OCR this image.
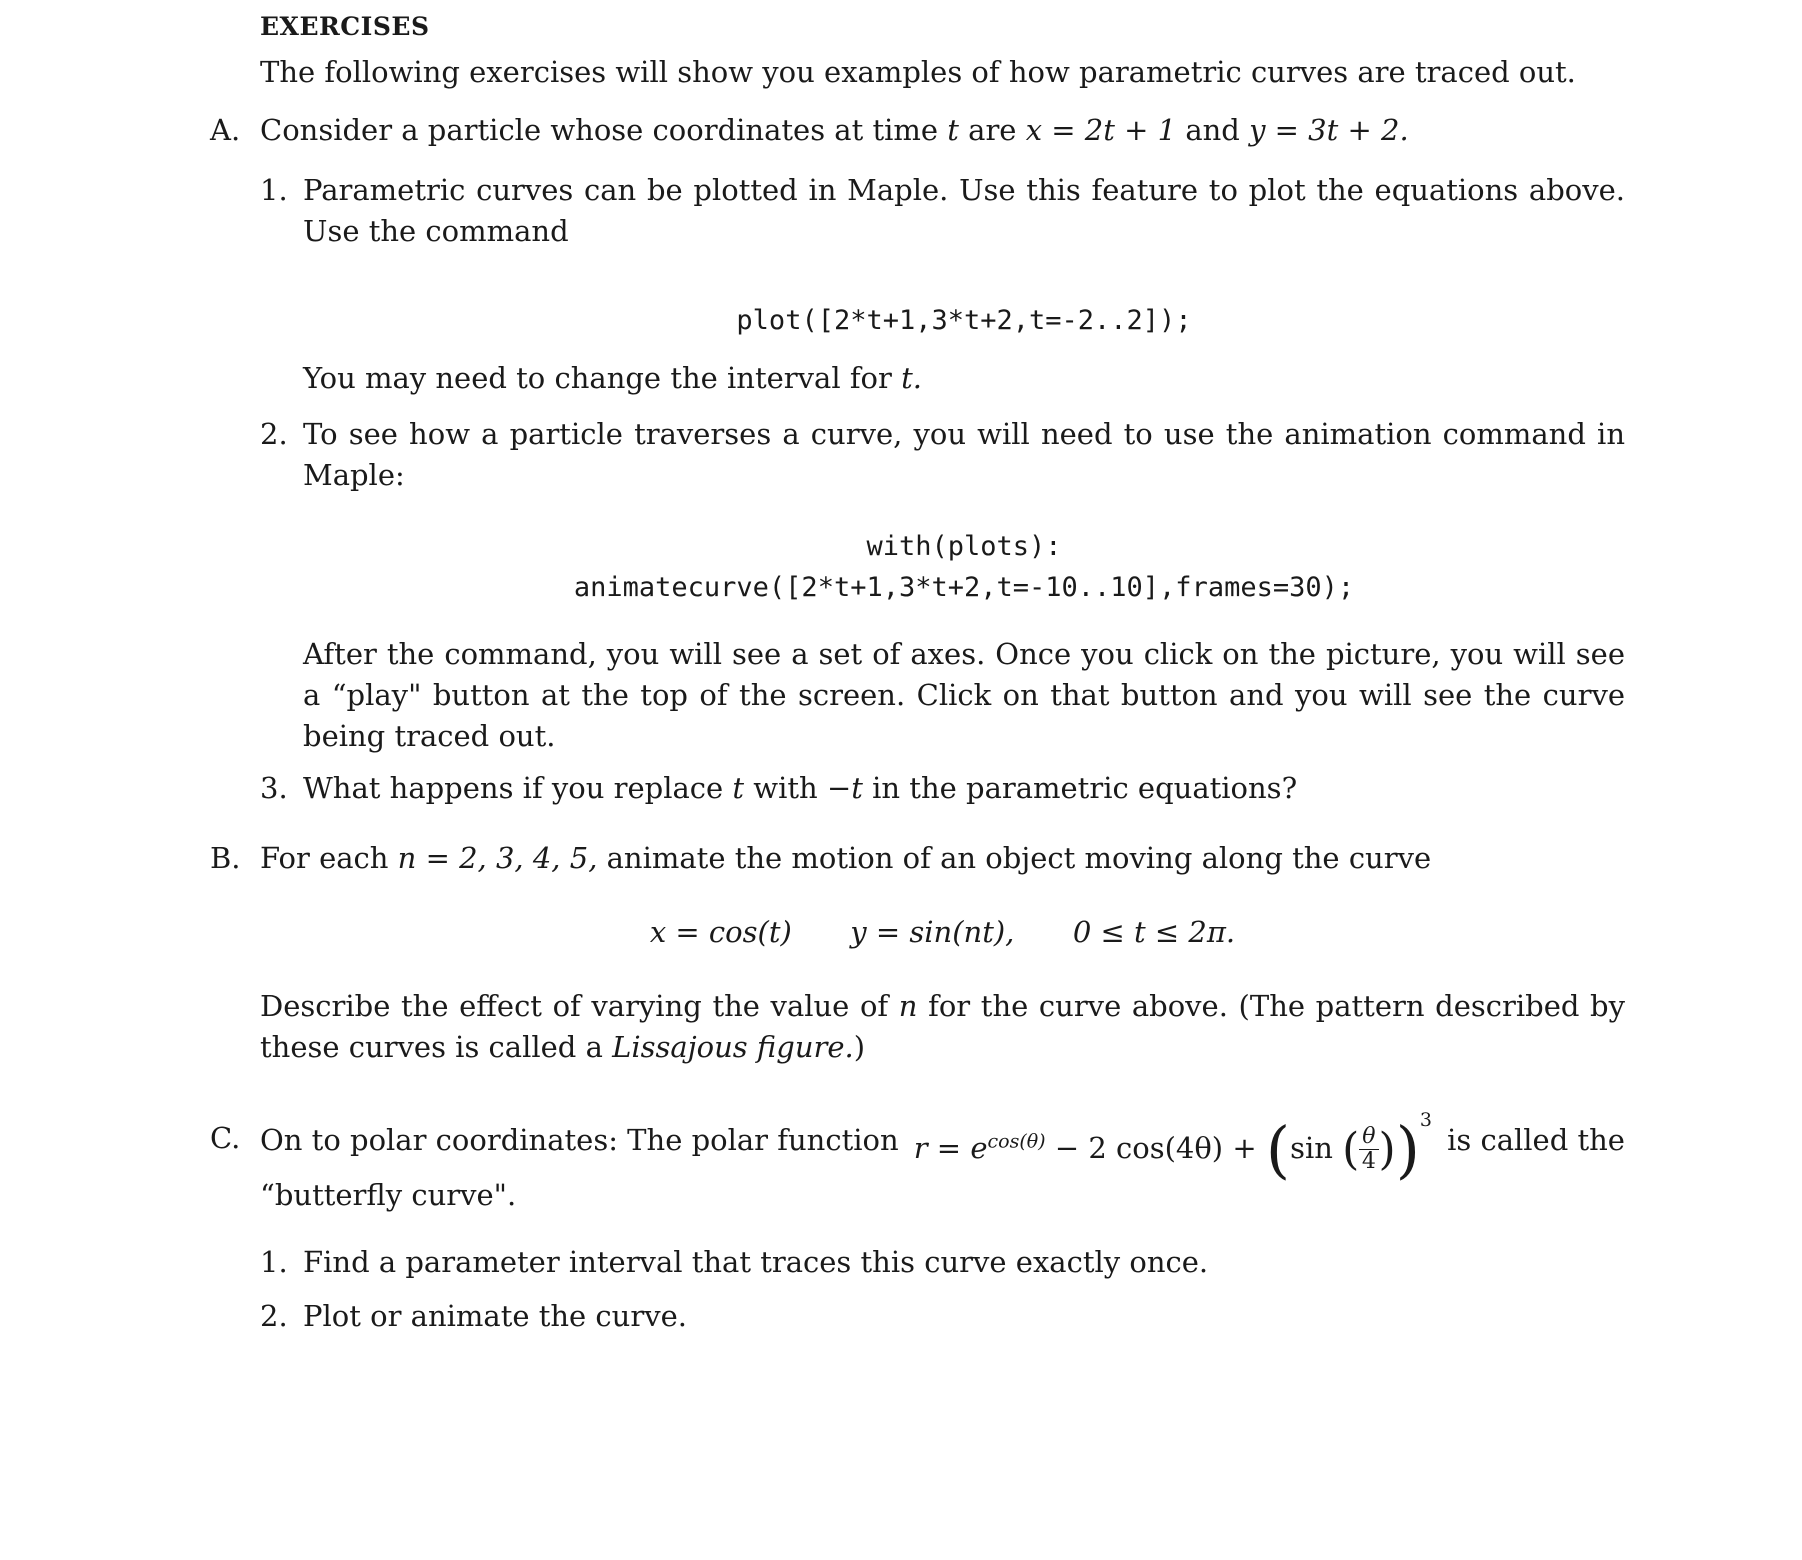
EXERCISES
The following exercises will show you examples of how parametric curves are traced out.
A. Consider a particle whose coordinates at time t are x = 2t + 1 and y = 3t + 2.
1. Parametric curves can be plotted in Maple. Use this feature to plot the equations above. Use the command
plot([2*t+1,3*t+2,t=-2..2]);
You may need to change the interval for t.
2. To see how a particle traverses a curve, you will need to use the animation command in Maple:
with(plots):
animatecurve([2*t+1,3*t+2,t=-10..10],frames=30);
After the command, you will see a set of axes. Once you click on the picture, you will see a “play" button at the top of the screen. Click on that button and you will see the curve being traced out.
3. What happens if you replace t with −t in the parametric equations?
B. For each n = 2, 3, 4, 5, animate the motion of an object moving along the curve
x = cos(t) y = sin(nt), 0 ≤ t ≤ 2π.
Describe the effect of varying the value of n for the curve above. (The pattern described by these curves is called a Lissajous figure.)
C. On to polar coordinates: The polar function $r = e^{cos(\theta)} - 2$ cos(4θ) + (sin ( $\frac{\theta}{4} ))^3$
is called the
“butterfly curve".
1. Find a parameter interval that traces this curve exactly once.
2. Plot or animate the curve.
